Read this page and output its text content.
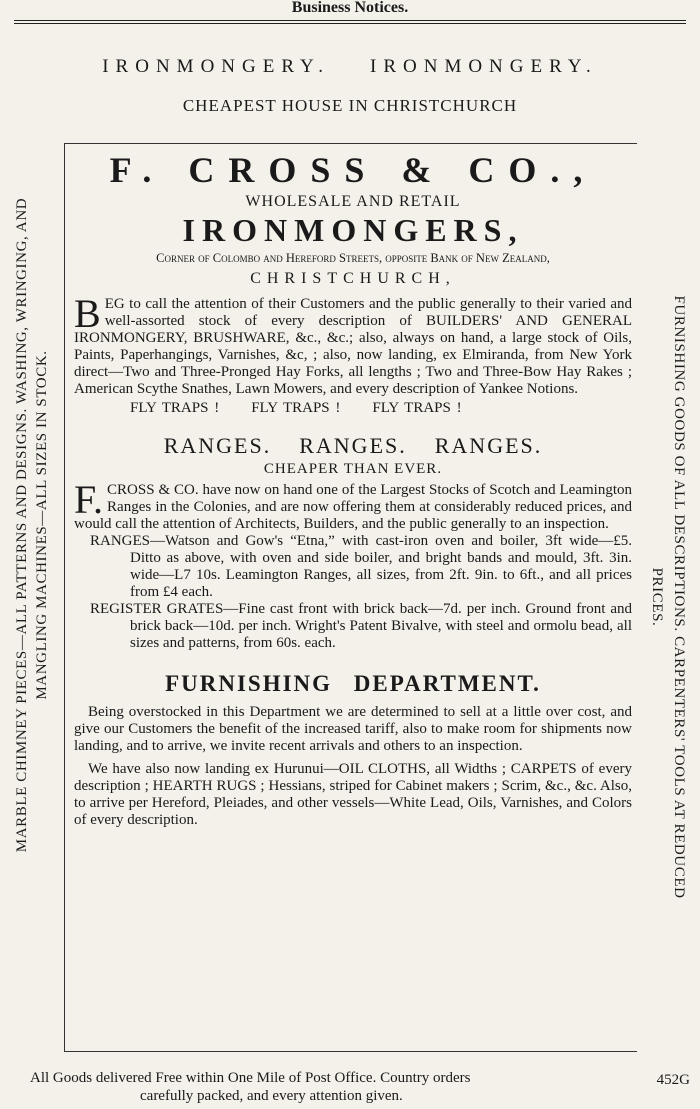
Business Notices.
IRONMONGERY. IRONMONGERY.
CHEAPEST HOUSE IN CHRISTCHURCH
MARBLE CHIMNEY PIECES—ALL PATTERNS AND DESIGNS. WASHING, WRINGING, AND MANGLING MACHINES—ALL SIZES IN STOCK.	FURNISHING GOODS OF ALL DESCRIPTIONS. CARPENTERS' TOOLS AT REDUCED
PRICES.
F. CROSS & CO.,
WHOLESALE AND RETAIL
IRONMONGERS,
Corner of Colombo and Hereford Streets, opposite Bank of New Zealand,
CHRISTCHURCH,

BEG to call the attention of their Customers and the public generally to their varied and well-assorted stock of every description of BUILDERS' AND GENERAL IRONMONGERY, BRUSHWARE, &c., &c.; also, always on hand, a large stock of Oils, Paints, Paperhangings, Varnishes, &c, ; also, now landing, ex Elmiranda, from New York direct—Two and Three-Pronged Hay Forks, all lengths ; Two and Three-Bow Hay Rakes ; American Scythe Snathes, Lawn Mowers, and every description of Yankee Notions.

FLY TRAPS ! FLY TRAPS ! FLY TRAPS !
RANGES. RANGES. RANGES.
CHEAPER THAN EVER.

F. CROSS & CO. have now on hand one of the Largest Stocks of Scotch and Leamington Ranges in the Colonies, and are now offering them at considerably reduced prices, and would call the attention of Architects, Builders, and the public generally to an inspection.

RANGES—Watson and Gow's “Etna,” with cast-iron oven and boiler, 3ft wide—£5. Ditto as above, with oven and side boiler, and bright bands and mould, 3ft. 3in. wide—L7 10s. Leamington Ranges, all sizes, from 2ft. 9in. to 6ft., and all prices from £4 each.

REGISTER GRATES—Fine cast front with brick back—7d. per inch. Ground front and brick back—10d. per inch. Wright's Patent Bivalve, with steel and ormolu bead, all sizes and patterns, from 60s. each.

FURNISHING DEPARTMENT.

Being overstocked in this Department we are determined to sell at a little over cost, and give our Customers the benefit of the increased tariff, also to make room for shipments now landing, and to arrive, we invite recent arrivals and others to an inspection.

We have also now landing ex Hurunui—OIL CLOTHS, all Widths ; CARPETS of every description ; HEARTH RUGS ; Hessians, striped for Cabinet makers ; Scrim, &c., &c. Also, to arrive per Hereford, Pleiades, and other vessels—White Lead, Oils, Varnishes, and Colors of every description.

All Goods delivered Free within One Mile of Post Office. Country orders
carefully packed, and every attention given.
452G
